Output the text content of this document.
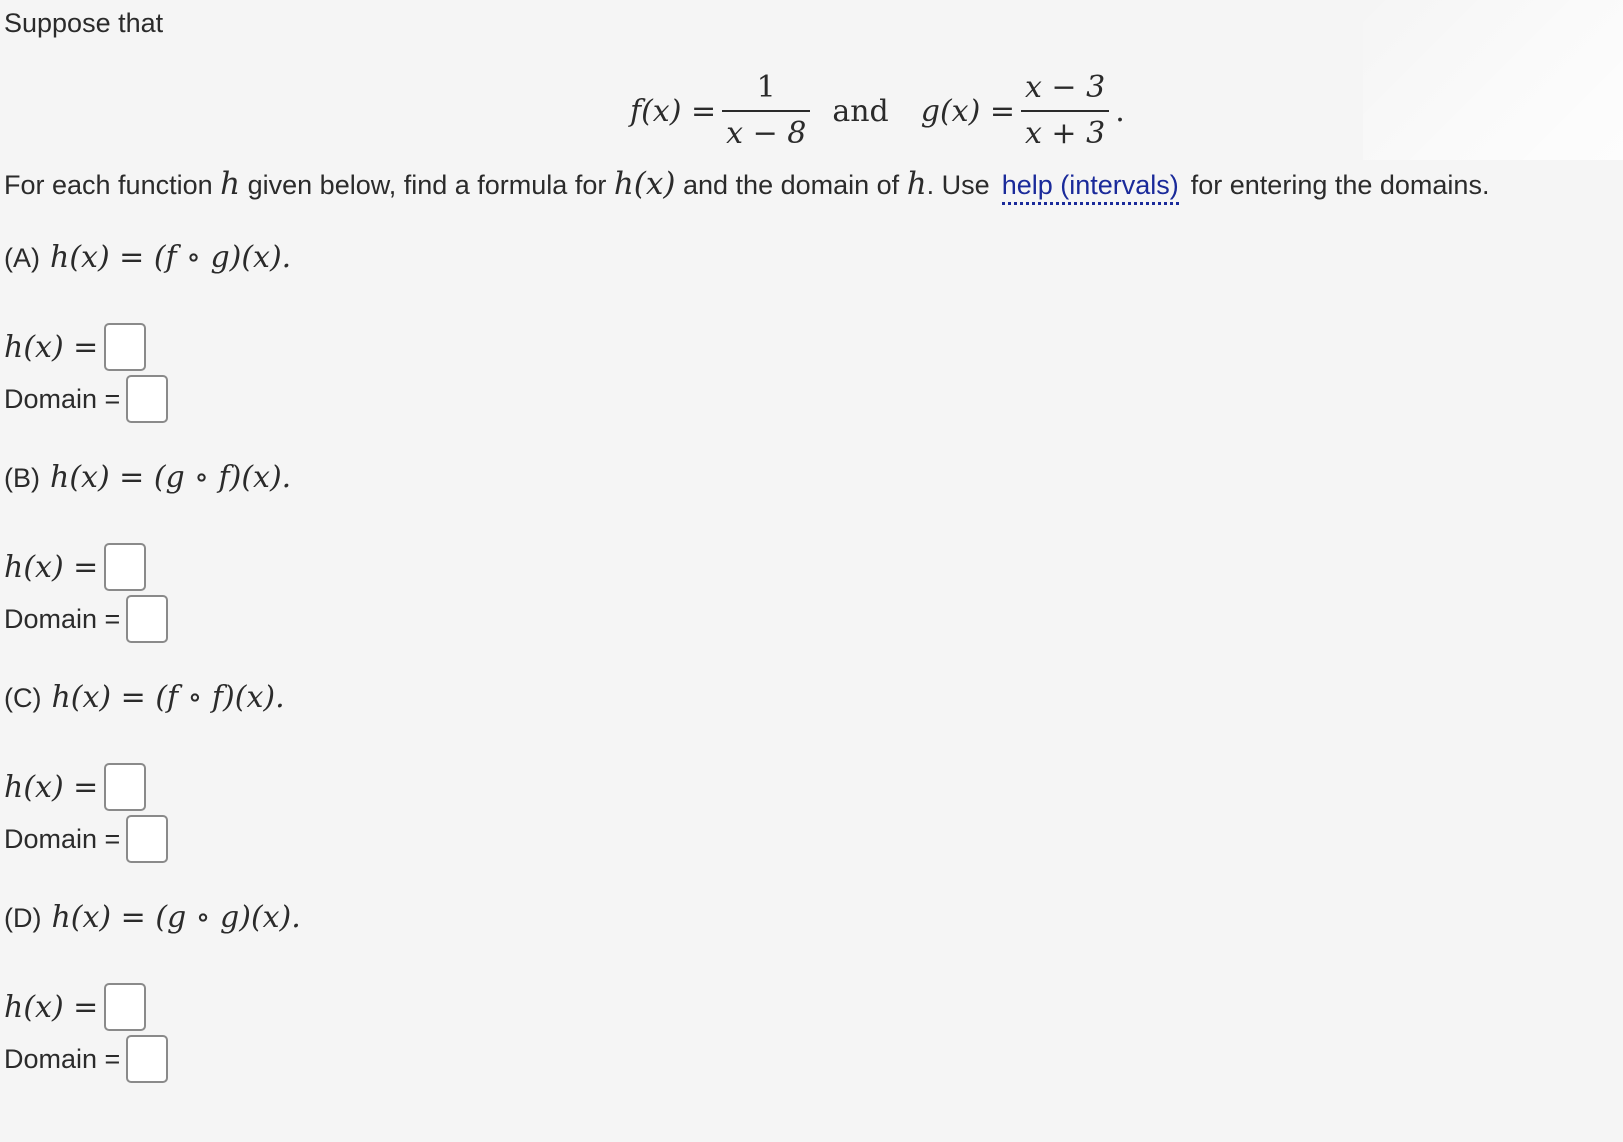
Suppose that
$f(x) = \frac{1}{x - 8}$ and $g(x) = \frac{x - 3}{x + 3}$ .
For each function
h
given below, find a formula for
h(x)
and the domain of
h . Use help (intervals) for entering the domains.
(A) h(x) = (f ∘ g)(x).
h(x) =
Domain =
(B) h(x) = (g ∘ f)(x).
h(x) =
Domain =
(C) h(x) = (f ∘ f)(x).
h(x) =
Domain =
(D) h(x) = (g ∘ g)(x).
h(x) =
Domain =
